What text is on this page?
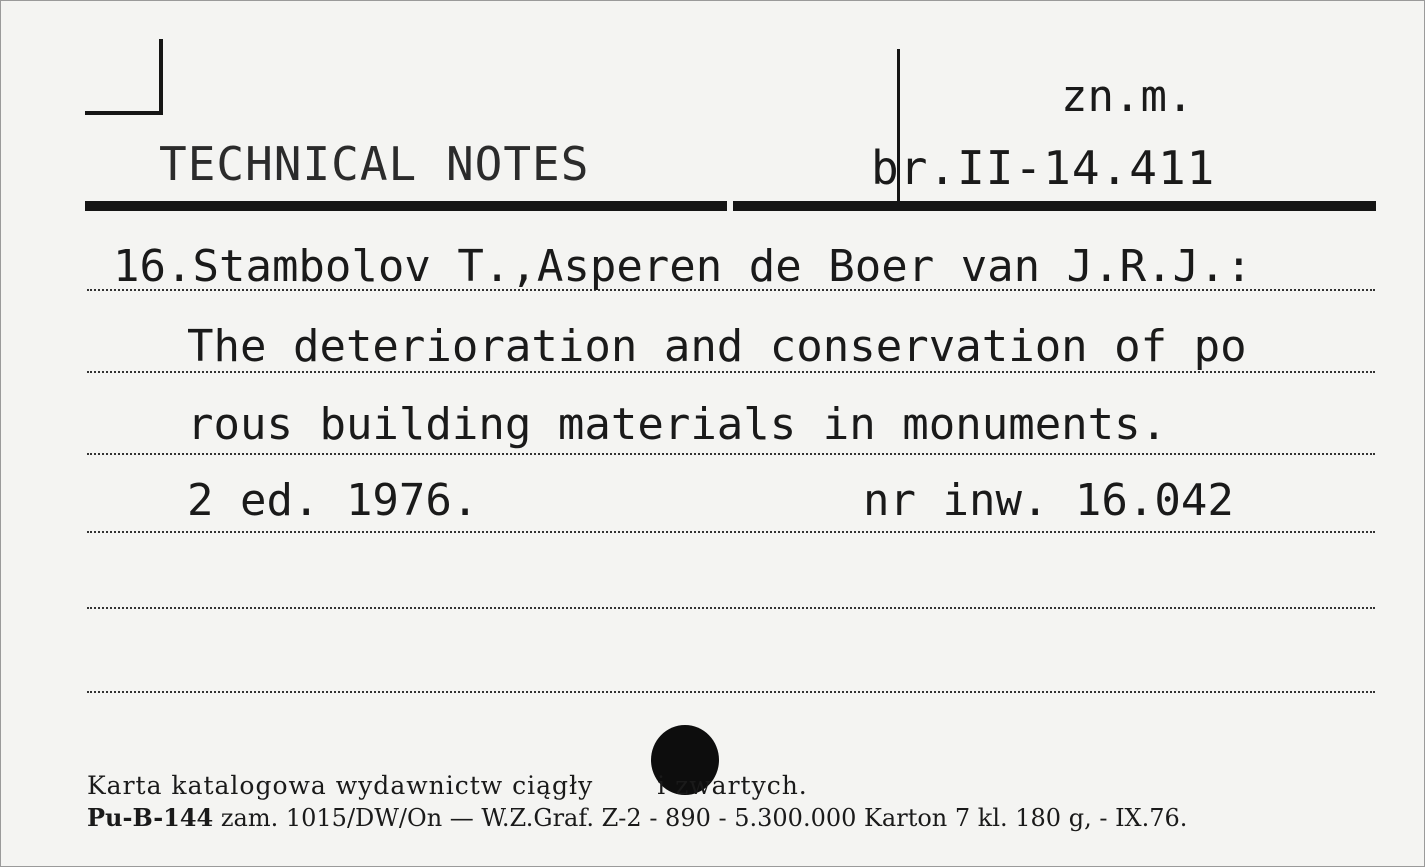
TECHNICAL NOTES
zn.m.
br.II-14.411
16.Stambolov T.,Asperen de Boer van J.R.J.:
The deterioration and conservation of po
rous building materials in monuments.
2 ed. 1976.	nr inw. 16.042
Karta katalogowa wydawnictw ciągły	i zwartych.
Pu-B-144 zam. 1015/DW/On — W.Z.Graf. Z-2 - 890 - 5.300.000 Karton 7 kl. 180 g, - IX.76.
